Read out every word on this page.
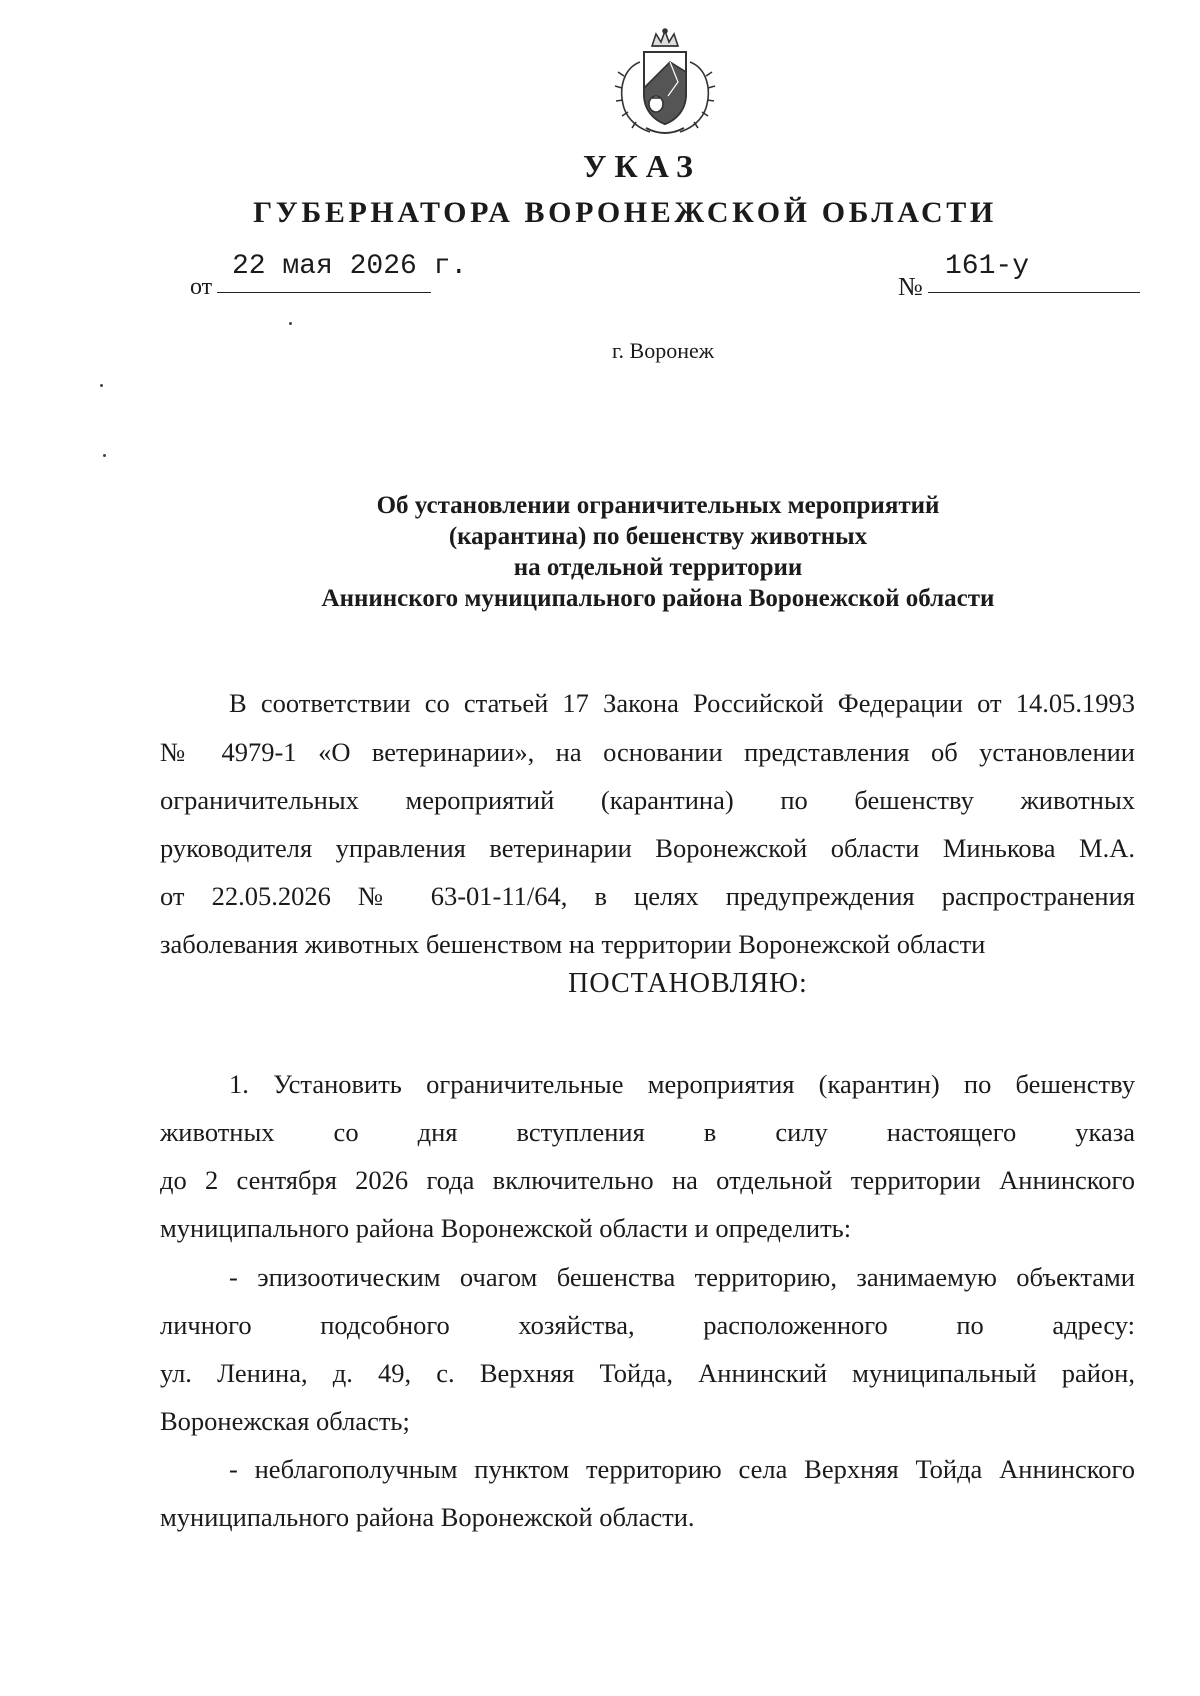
УКАЗ
ГУБЕРНАТОРА ВОРОНЕЖСКОЙ ОБЛАСТИ
от
22 мая 2026 г.
№
161-у
г. Воронеж
Об установлении ограничительных мероприятий
(карантина) по бешенству животных
на отдельной территории
Аннинского муниципального района Воронежской области
В соответствии со статьей 17 Закона Российской Федерации от 14.05.1993
№ 4979-1 «О ветеринарии», на основании представления об установлении
ограничительных мероприятий (карантина) по бешенству животных
руководителя управления ветеринарии Воронежской области Минькова М.А.
от 22.05.2026 № 63-01-11/64, в целях предупреждения распространения
заболевания животных бешенством на территории Воронежской области
ПОСТАНОВЛЯЮ:
1. Установить ограничительные мероприятия (карантин) по бешенству
животных со дня вступления в силу настоящего указа
до 2 сентября 2026 года включительно на отдельной территории Аннинского
муниципального района Воронежской области и определить:
- эпизоотическим очагом бешенства территорию, занимаемую объектами
личного подсобного хозяйства, расположенного по адресу:
ул. Ленина, д. 49, с. Верхняя Тойда, Аннинский муниципальный район,
Воронежская область;
- неблагополучным пунктом территорию села Верхняя Тойда Аннинского
муниципального района Воронежской области.
